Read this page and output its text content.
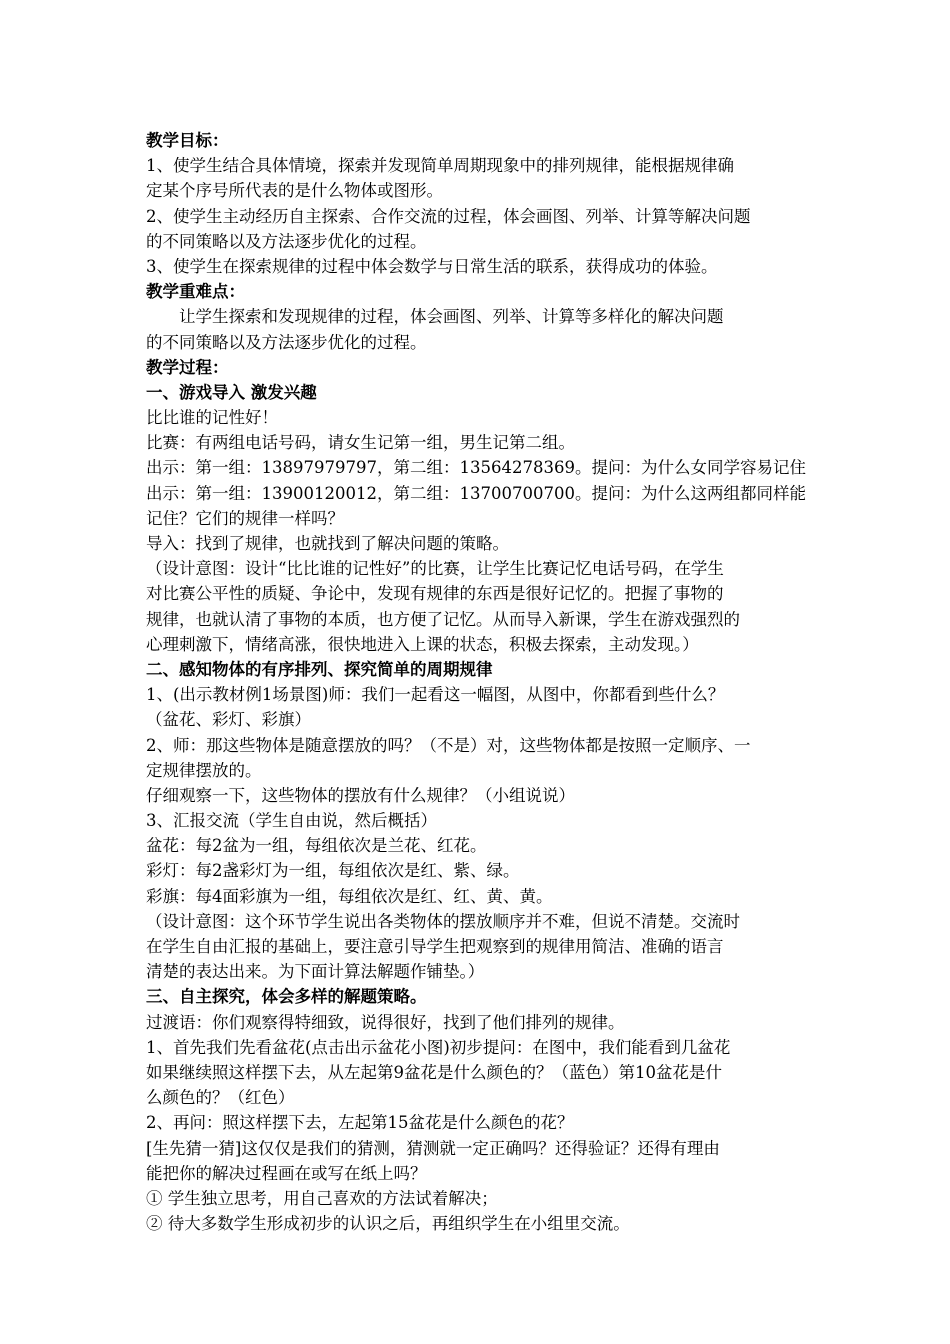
教学目标：
1、使学生结合具体情境，探索并发现简单周期现象中的排列规律，能根据规律确
定某个序号所代表的是什么物体或图形。
2、使学生主动经历自主探索、合作交流的过程，体会画图、列举、计算等解决问题
的不同策略以及方法逐步优化的过程。
3、使学生在探索规律的过程中体会数学与日常生活的联系，获得成功的体验。
教学重难点：
让学生探索和发现规律的过程，体会画图、列举、计算等多样化的解决问题
的不同策略以及方法逐步优化的过程。
教学过程：
一、游戏导入 激发兴趣
比比谁的记性好！
比赛：有两组电话号码，请女生记第一组，男生记第二组。
出示：第一组：13897979797，第二组：13564278369。提问：为什么女同学容易记住
出示：第一组：13900120012，第二组：13700700700。提问：为什么这两组都同样能
记住？它们的规律一样吗？
导入：找到了规律，也就找到了解决问题的策略。
（设计意图：设计“比比谁的记性好”的比赛，让学生比赛记忆电话号码，在学生
对比赛公平性的质疑、争论中，发现有规律的东西是很好记忆的。把握了事物的
规律，也就认清了事物的本质，也方便了记忆。从而导入新课，学生在游戏强烈的
心理刺激下，情绪高涨，很快地进入上课的状态，积极去探索，主动发现。）
二、感知物体的有序排列、探究简单的周期规律
1、(出示教材例1场景图)师：我们一起看这一幅图，从图中，你都看到些什么？
（盆花、彩灯、彩旗）
2、师：那这些物体是随意摆放的吗？（不是）对，这些物体都是按照一定顺序、一
定规律摆放的。
仔细观察一下，这些物体的摆放有什么规律？（小组说说）
3、汇报交流（学生自由说，然后概括）
盆花：每2盆为一组，每组依次是兰花、红花。
彩灯：每2盏彩灯为一组，每组依次是红、紫、绿。
彩旗：每4面彩旗为一组，每组依次是红、红、黄、黄。
（设计意图：这个环节学生说出各类物体的摆放顺序并不难，但说不清楚。交流时
在学生自由汇报的基础上，要注意引导学生把观察到的规律用简洁、准确的语言
清楚的表达出来。为下面计算法解题作铺垫。）
三、自主探究，体会多样的解题策略。
过渡语：你们观察得特细致，说得很好，找到了他们排列的规律。
1、首先我们先看盆花(点击出示盆花小图)初步提问：在图中，我们能看到几盆花
如果继续照这样摆下去，从左起第9盆花是什么颜色的？（蓝色）第10盆花是什
么颜色的？（红色）
2、再问：照这样摆下去，左起第15盆花是什么颜色的花？
[生先猜一猜]这仅仅是我们的猜测，猜测就一定正确吗？还得验证？还得有理由
能把你的解决过程画在或写在纸上吗？
① 学生独立思考，用自己喜欢的方法试着解决；
② 待大多数学生形成初步的认识之后，再组织学生在小组里交流。
